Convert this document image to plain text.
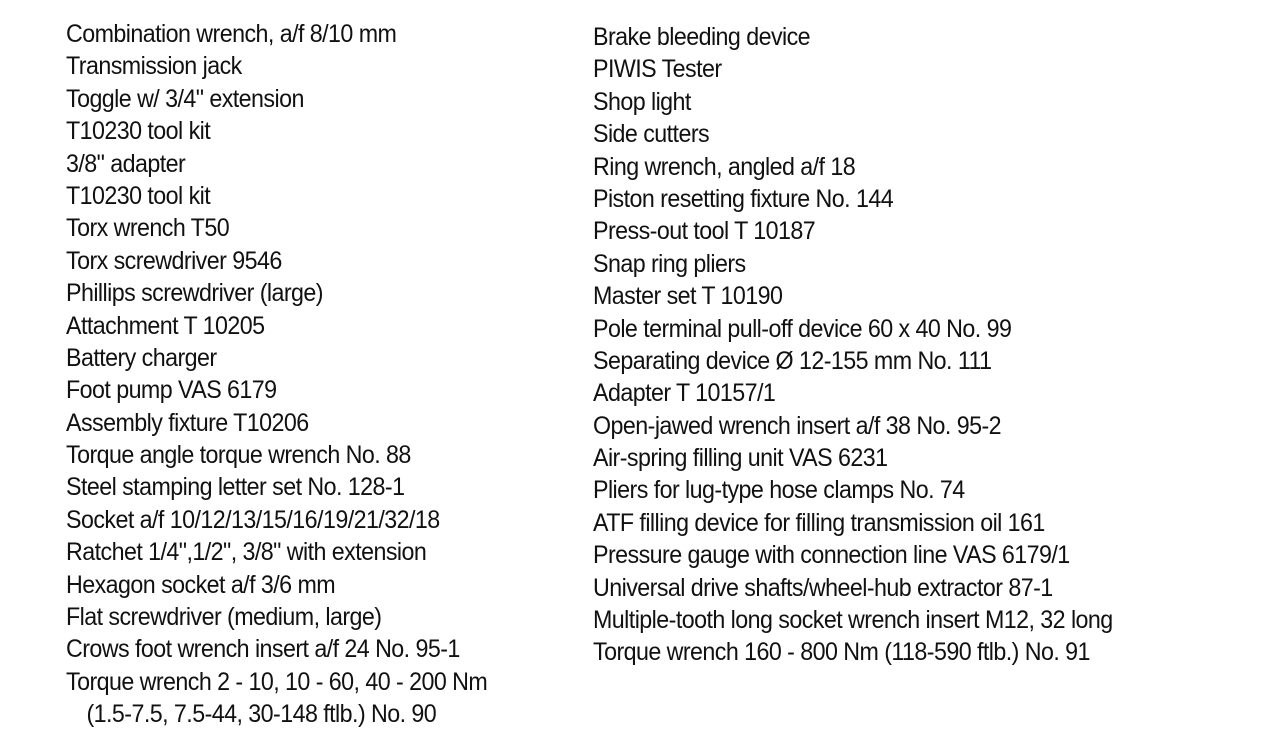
Combination wrench, a/f 8/10 mm
Transmission jack
Toggle w/ 3/4" extension
T10230 tool kit
3/8" adapter
T10230 tool kit
Torx wrench T50
Torx screwdriver 9546
Phillips screwdriver (large)
Attachment T 10205
Battery charger
Foot pump VAS 6179
Assembly fixture T10206
Torque angle torque wrench No. 88
Steel stamping letter set No. 128-1
Socket a/f 10/12/13/15/16/19/21/32/18
Ratchet 1/4",1/2", 3/8" with extension
Hexagon socket a/f 3/6 mm
Flat screwdriver (medium, large)
Crows foot wrench insert a/f 24 No. 95-1
Torque wrench 2 - 10, 10 - 60, 40 - 200 Nm
(1.5-7.5, 7.5-44, 30-148 ftlb.) No. 90
Brake bleeding device
PIWIS Tester
Shop light
Side cutters
Ring wrench, angled a/f 18
Piston resetting fixture No. 144
Press-out tool T 10187
Snap ring pliers
Master set T 10190
Pole terminal pull-off device 60 x 40 No. 99
Separating device Ø 12-155 mm No. 111
Adapter T 10157/1
Open-jawed wrench insert a/f 38 No. 95-2
Air-spring filling unit VAS 6231
Pliers for lug-type hose clamps No. 74
ATF filling device for filling transmission oil 161
Pressure gauge with connection line VAS 6179/1
Universal drive shafts/wheel-hub extractor 87-1
Multiple-tooth long socket wrench insert M12, 32 long
Torque wrench 160 - 800 Nm (118-590 ftlb.) No. 91
